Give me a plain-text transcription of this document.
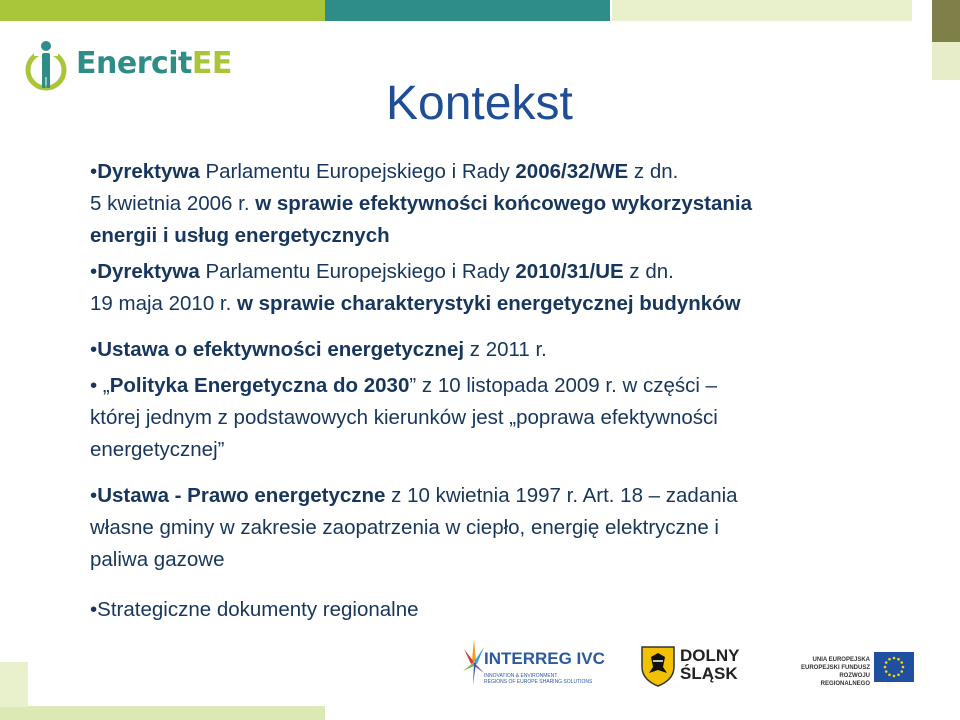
EnercitEE
Kontekst

•Dyrektywa Parlamentu Europejskiego i Rady 2006/32/WE z dn.
5 kwietnia 2006 r. w sprawie efektywności końcowego wykorzystania
energii i usług energetycznych

•Dyrektywa Parlamentu Europejskiego i Rady 2010/31/UE z dn.
19 maja 2010 r. w sprawie charakterystyki energetycznej budynków

•Ustawa o efektywności energetycznej z 2011 r.

• „Polityka Energetyczna do 2030” z 10 listopada 2009 r. w części –
której jednym z podstawowych kierunków jest „poprawa efektywności
energetycznej”

•Ustawa - Prawo energetyczne z 10 kwietnia 1997 r. Art. 18 – zadania
własne gminy w zakresie zaopatrzenia w ciepło, energię elektryczne i
paliwa gazowe

•Strategiczne dokumenty regionalne

INTERREG IVC
INNOVATION & ENVIRONMENT
REGIONS OF EUROPE SHARING SOLUTIONS
DOLNY
ŚLĄSK
UNIA EUROPEJSKA
EUROPEJSKI FUNDUSZ
ROZWOJU REGIONALNEGO
